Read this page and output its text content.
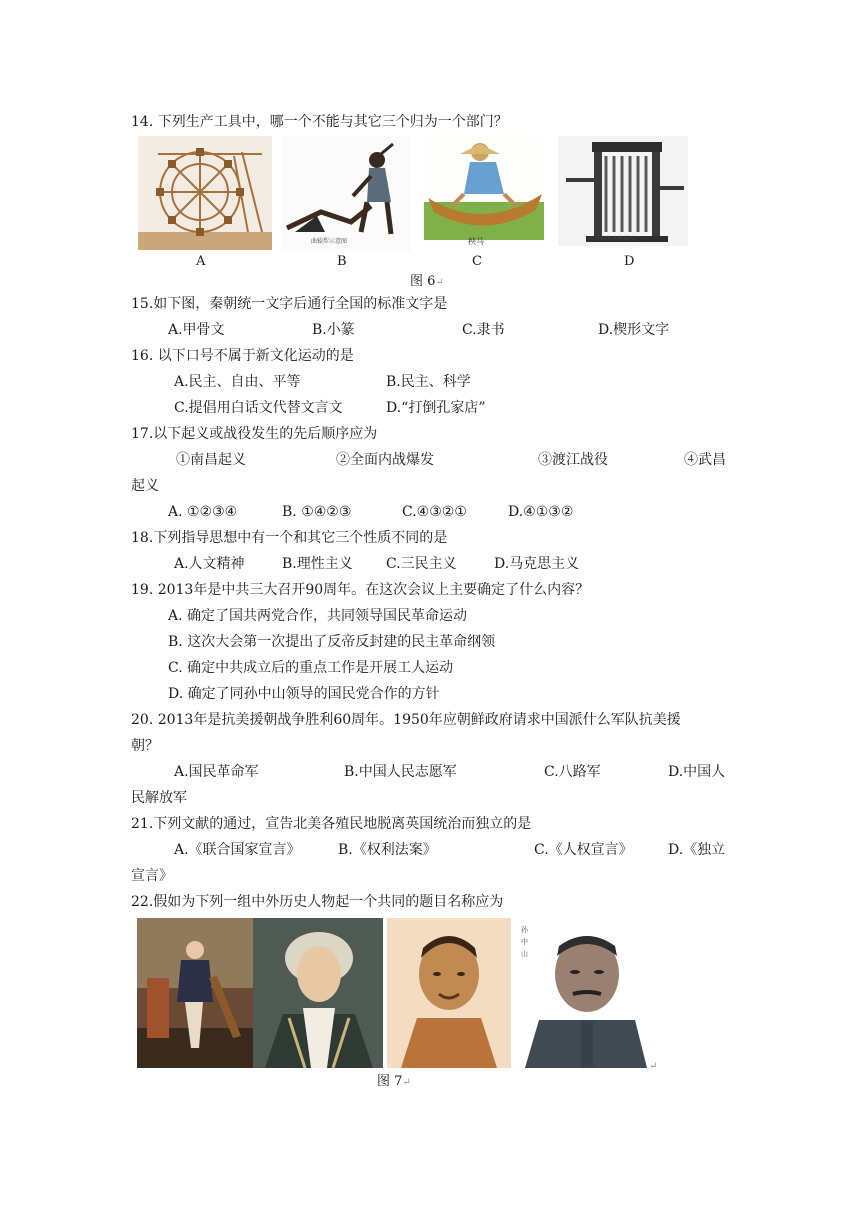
14. 下列生产工具中，哪一个不能与其它三个归为一个部门？
曲辕犁示意图	秧马	西周晚的木棉搅车
A	B	C	D
图 6↵
15.如下图，秦朝统一文字后通行全国的标准文字是
A.甲骨文	B.小篆	C.隶书	D.楔形文字
16. 以下口号不属于新文化运动的是
A.民主、自由、平等	B.民主、科学
C.提倡用白话文代替文言文	D.“打倒孔家店”
17.以下起义或战役发生的先后顺序应为
①南昌起义	②全面内战爆发	③渡江战役	④武昌
起义
A. ①②③④	B. ①④②③	C.④③②①	D.④①③②
18.下列指导思想中有一个和其它三个性质不同的是
A.人文精神	B.理性主义 C.三民主义	D.马克思主义
19. 2013年是中共三大召开90周年。在这次会议上主要确定了什么内容？
A. 确定了国共两党合作，共同领导国民革命运动
B. 这次大会第一次提出了反帝反封建的民主革命纲领
C. 确定中共成立后的重点工作是开展工人运动
D. 确定了同孙中山领导的国民党合作的方针
20. 2013年是抗美援朝战争胜利60周年。1950年应朝鲜政府请求中国派什么军队抗美援
朝？
A.国民革命军	B.中国人民志愿军	C.八路军	D.中国人
民解放军
21.下列文献的通过，宣告北美各殖民地脱离英国统治而独立的是
A.《联合国家宣言》	B.《权利法案》	C.《人权宣言》	D.《独立
宣言》
22.假如为下列一组中外历史人物起一个共同的题目名称应为
孙
中
山
↵
图 7↵
